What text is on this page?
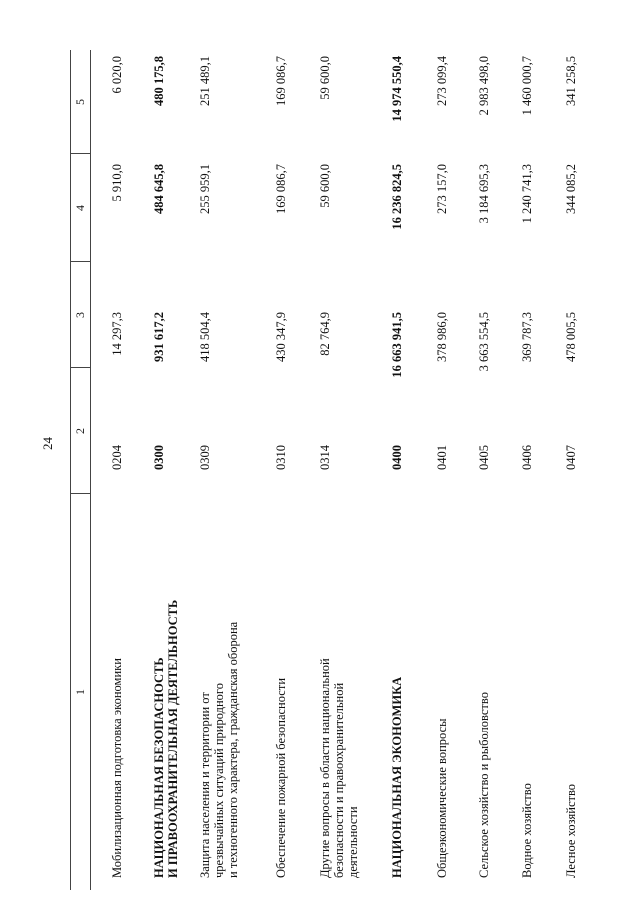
24
1
2
3
4
5
Мобилизационная подготовка экономики
0204
14 297,3
5 910,0
6 020,0
НАЦИОНАЛЬНАЯ БЕЗОПАСНОСТЬ И ПРАВООХРАНИТЕЛЬНАЯ ДЕЯТЕЛЬНОСТЬ
0300
931 617,2
484 645,8
480 175,8
Защита населения и территории от чрезвычайных ситуаций природного и техногенного характера, гражданская оборона
0309
418 504,4
255 959,1
251 489,1
Обеспечение пожарной безопасности
0310
430 347,9
169 086,7
169 086,7
Другие вопросы в области национальной безопасности и правоохранительной деятельности
0314
82 764,9
59 600,0
59 600,0
НАЦИОНАЛЬНАЯ ЭКОНОМИКА
0400
16 663 941,5
16 236 824,5
14 974 550,4
Общеэкономические вопросы
0401
378 986,0
273 157,0
273 099,4
Сельское хозяйство и рыболовство
0405
3 663 554,5
3 184 695,3
2 983 498,0
Водное хозяйство
0406
369 787,3
1 240 741,3
1 460 000,7
Лесное хозяйство
0407
478 005,5
344 085,2
341 258,5
